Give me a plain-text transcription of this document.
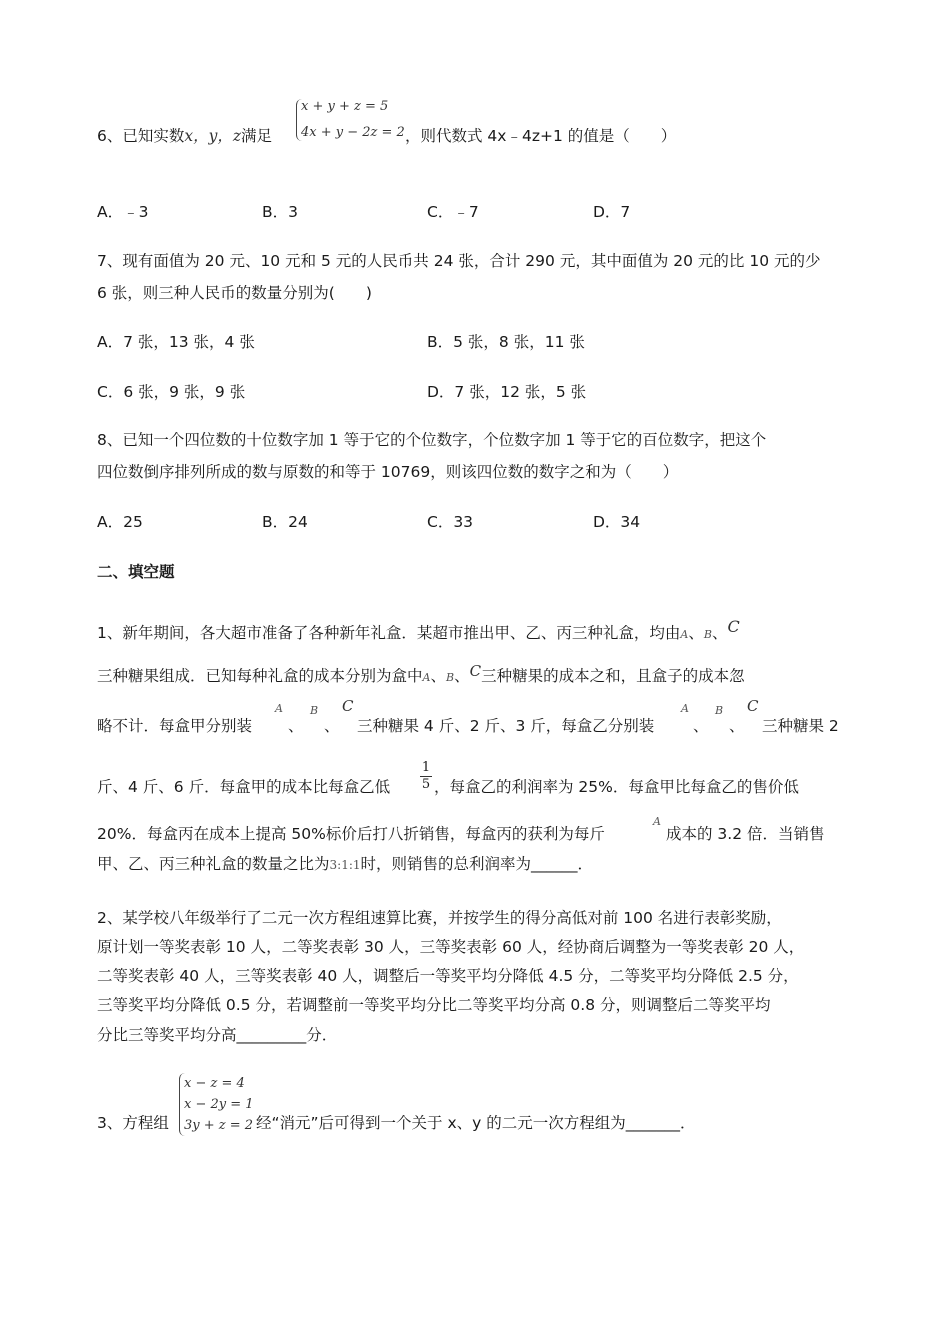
6、已知实数x，y，z满足
x + y + z = 5
4x + y − 2z = 2 ，则代数式 4x﹣4z+1 的值是（　　）
A．﹣3	B．3	C．﹣7	D．7
7、现有面值为 20 元、10 元和 5 元的人民币共 24 张，合计 290 元，其中面值为 20 元的比 10 元的少
6 张，则三种人民币的数量分别为(　　)
A．7 张，13 张，4 张	B．5 张，8 张，11 张
C．6 张，9 张，9 张	D．7 张，12 张，5 张
8、已知一个四位数的十位数字加 1 等于它的个位数字，个位数字加 1 等于它的百位数字，把这个
四位数倒序排列所成的数与原数的和等于 10769，则该四位数的数字之和为（　　）
A．25	B．24	C．33	D．34
二、填空题
1、新年期间，各大超市准备了各种新年礼盒．某超市推出甲、乙、丙三种礼盒，均由A、B、C
三种糖果组成．已知每种礼盒的成本分别为盒中A、B、C三种糖果的成本之和，且盒子的成本忽
略不计．每盒甲分别装
A
、
B
、
C
三种糖果 4 斤、2 斤、3 斤，每盒乙分别装
A
、
B
、
C
三种糖果 2
斤、4 斤、6 斤．每盒甲的成本比每盒乙低 $\frac{1}{5}$ ，每盒乙的利润率为 25%．每盒甲比每盒乙的售价低
20%．每盒丙在成本上提高 50%标价后打八折销售，每盒丙的获利为每斤
A
成本的 3.2 倍．当销售
甲、乙、丙三种礼盒的数量之比为3:1:1时，则销售的总利润率为______．
2、某学校八年级举行了二元一次方程组速算比赛，并按学生的得分高低对前 100 名进行表彰奖励，
原计划一等奖表彰 10 人，二等奖表彰 30 人，三等奖表彰 60 人，经协商后调整为一等奖表彰 20 人，
二等奖表彰 40 人，三等奖表彰 40 人，调整后一等奖平均分降低 4.5 分，二等奖平均分降低 2.5 分，
三等奖平均分降低 0.5 分，若调整前一等奖平均分比二等奖平均分高 0.8 分，则调整后二等奖平均
分比三等奖平均分高_________分．
3、方程组
x − z = 4
x − 2y = 1
3y + z = 2 经“消元”后可得到一个关于 x、y 的二元一次方程组为_______．
